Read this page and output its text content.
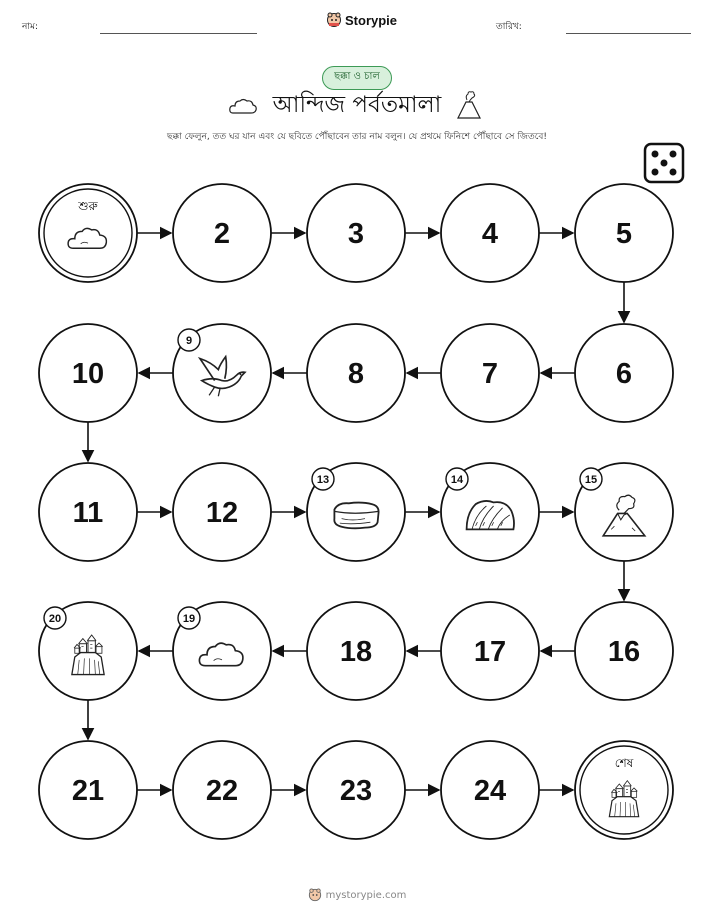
নাম:	Storypie	তারিখ:
ছক্কা ও চাল
আন্দিজ পর্বতমালা
ছক্কা ফেলুন, তত ঘর যান এবং যে ছবিতে পৌঁছাবেন তার নাম বলুন। যে প্রথমে ফিনিশে পৌঁছাবে সে জিতবে!
শুরু
2	3	4	5
6
7
8
9
10
11	12
13	14	15
16
17
18
19
20
21	22	23	24
শেষ
mystorypie.com
